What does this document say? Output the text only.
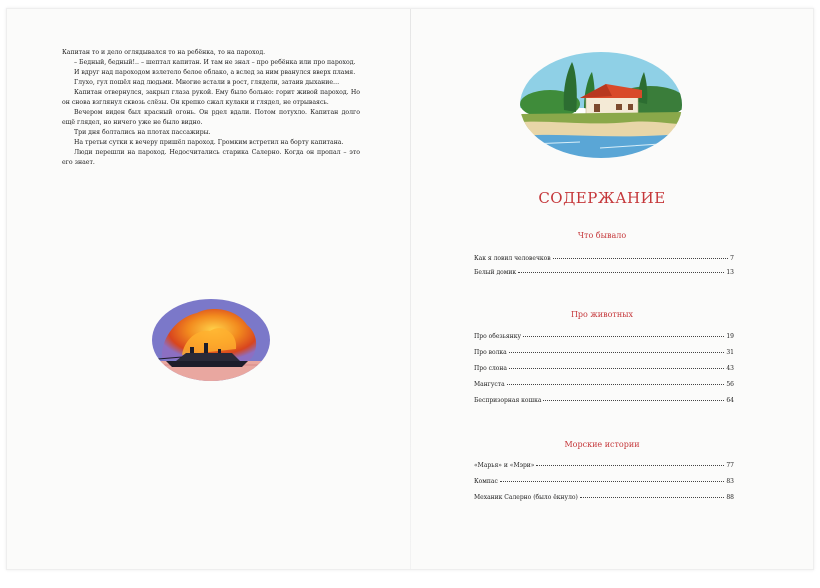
Капитан то и дело оглядывался то на ребёнка, то на пароход.

– Бедный, бедный!.. – шептал капитан. И там не знал – про ребёнка или про пароход.

И вдруг над пароходом взлетело белое облако, а вслед за ним рванулся вверх пламя.

Глухо, гул пошёл над людьми. Многие встали в рост, глядели, затаив дыхание…

Капитан отвернулся, закрыл глаза рукой. Ему было больно: горит живой пароход. Но он снова взглянул сквозь слёзы. Он крепко сжал кулаки и глядел, не отрываясь.

Вечером виден был красный огонь. Он рдел вдали. Потом потухло. Капитан долго ещё глядел, но ничего уже не было видно.

Три дня болтались на плотах пассажиры.

На третьи сутки к вечеру пришёл пароход. Громким встретил на борту капитана.

Люди перешли на пароход. Недосчитались старика Салерно. Когда он пропал – это его знает.

СОДЕРЖАНИЕ
Что бывало
Как я ловил человечков	7
Белый домик	13
Про животных
Про обезьянку	19
Про волка	31
Про слона	43
Мангуста	56
Беспризорная кошка	64
Морские истории
«Марья» и «Мэри»	77
Компас	83
Механик Салерно (было ёкнуло)	88
